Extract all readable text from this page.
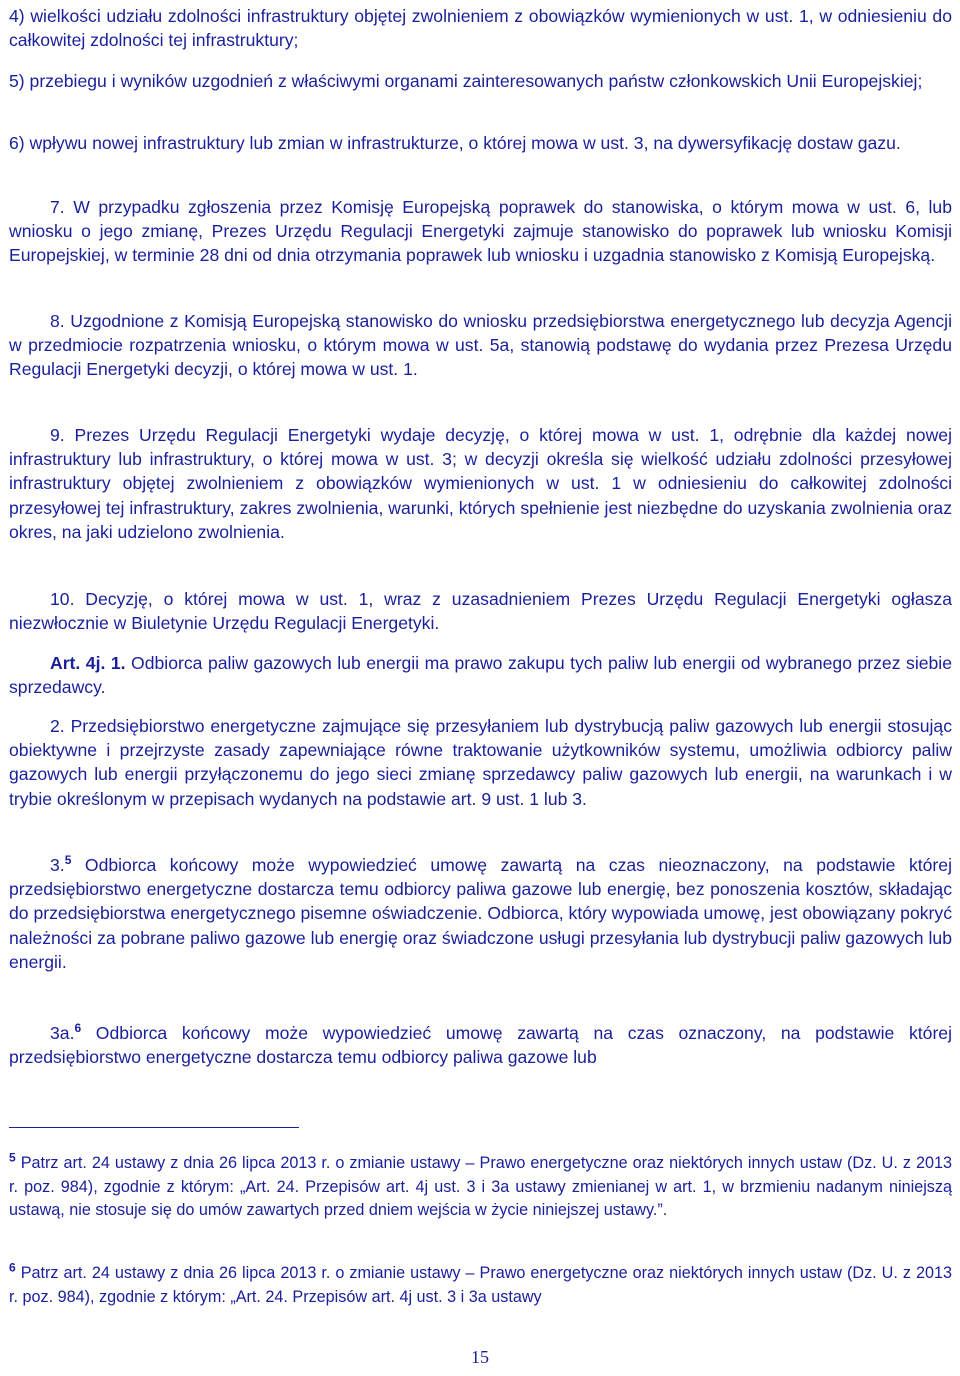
4) wielkości udziału zdolności infrastruktury objętej zwolnieniem z obowiązków wymienionych w ust. 1, w odniesieniu do całkowitej zdolności tej infrastruktury;

5) przebiegu i wyników uzgodnień z właściwymi organami zainteresowanych państw członkowskich Unii Europejskiej;

6) wpływu nowej infrastruktury lub zmian w infrastrukturze, o której mowa w ust. 3, na dywersyfikację dostaw gazu.

7. W przypadku zgłoszenia przez Komisję Europejską poprawek do stanowiska, o którym mowa w ust. 6, lub wniosku o jego zmianę, Prezes Urzędu Regulacji Energetyki zajmuje stanowisko do poprawek lub wniosku Komisji Europejskiej, w terminie 28 dni od dnia otrzymania poprawek lub wniosku i uzgadnia stanowisko z Komisją Europejską.

8. Uzgodnione z Komisją Europejską stanowisko do wniosku przedsiębiorstwa energetycznego lub decyzja Agencji w przedmiocie rozpatrzenia wniosku, o którym mowa w ust. 5a, stanowią podstawę do wydania przez Prezesa Urzędu Regulacji Energetyki decyzji, o której mowa w ust. 1.

9. Prezes Urzędu Regulacji Energetyki wydaje decyzję, o której mowa w ust. 1, odrębnie dla każdej nowej infrastruktury lub infrastruktury, o której mowa w ust. 3; w decyzji określa się wielkość udziału zdolności przesyłowej infrastruktury objętej zwolnieniem z obowiązków wymienionych w ust. 1 w odniesieniu do całkowitej zdolności przesyłowej tej infrastruktury, zakres zwolnienia, warunki, których spełnienie jest niezbędne do uzyskania zwolnienia oraz okres, na jaki udzielono zwolnienia.

10. Decyzję, o której mowa w ust. 1, wraz z uzasadnieniem Prezes Urzędu Regulacji Energetyki ogłasza niezwłocznie w Biuletynie Urzędu Regulacji Energetyki.

Art. 4j. 1. Odbiorca paliw gazowych lub energii ma prawo zakupu tych paliw lub energii od wybranego przez siebie sprzedawcy.

2. Przedsiębiorstwo energetyczne zajmujące się przesyłaniem lub dystrybucją paliw gazowych lub energii stosując obiektywne i przejrzyste zasady zapewniające równe traktowanie użytkowników systemu, umożliwia odbiorcy paliw gazowych lub energii przyłączonemu do jego sieci zmianę sprzedawcy paliw gazowych lub energii, na warunkach i w trybie określonym w przepisach wydanych na podstawie art. 9 ust. 1 lub 3.

3.$^5$ Odbiorca końcowy może wypowiedzieć umowę zawartą na czas nieoznaczony, na podstawie której przedsiębiorstwo energetyczne dostarcza temu odbiorcy paliwa gazowe lub energię, bez ponoszenia kosztów, składając do przedsiębiorstwa energetycznego pisemne oświadczenie. Odbiorca, który wypowiada umowę, jest obowiązany pokryć należności za pobrane paliwo gazowe lub energię oraz świadczone usługi przesyłania lub dystrybucji paliw gazowych lub energii.

3a.$^6$ Odbiorca końcowy może wypowiedzieć umowę zawartą na czas oznaczony, na podstawie której przedsiębiorstwo energetyczne dostarcza temu odbiorcy paliwa gazowe lub

$^5$ Patrz art. 24 ustawy z dnia 26 lipca 2013 r. o zmianie ustawy – Prawo energetyczne oraz niektórych innych ustaw (Dz. U. z 2013 r. poz. 984), zgodnie z którym: „Art. 24. Przepisów art. 4j ust. 3 i 3a ustawy zmienianej w art. 1, w brzmieniu nadanym niniejszą ustawą, nie stosuje się do umów zawartych przed dniem wejścia w życie niniejszej ustawy.”.

$^6$ Patrz art. 24 ustawy z dnia 26 lipca 2013 r. o zmianie ustawy – Prawo energetyczne oraz niektórych innych ustaw (Dz. U. z 2013 r. poz. 984), zgodnie z którym: „Art. 24. Przepisów art. 4j ust. 3 i 3a ustawy

15
